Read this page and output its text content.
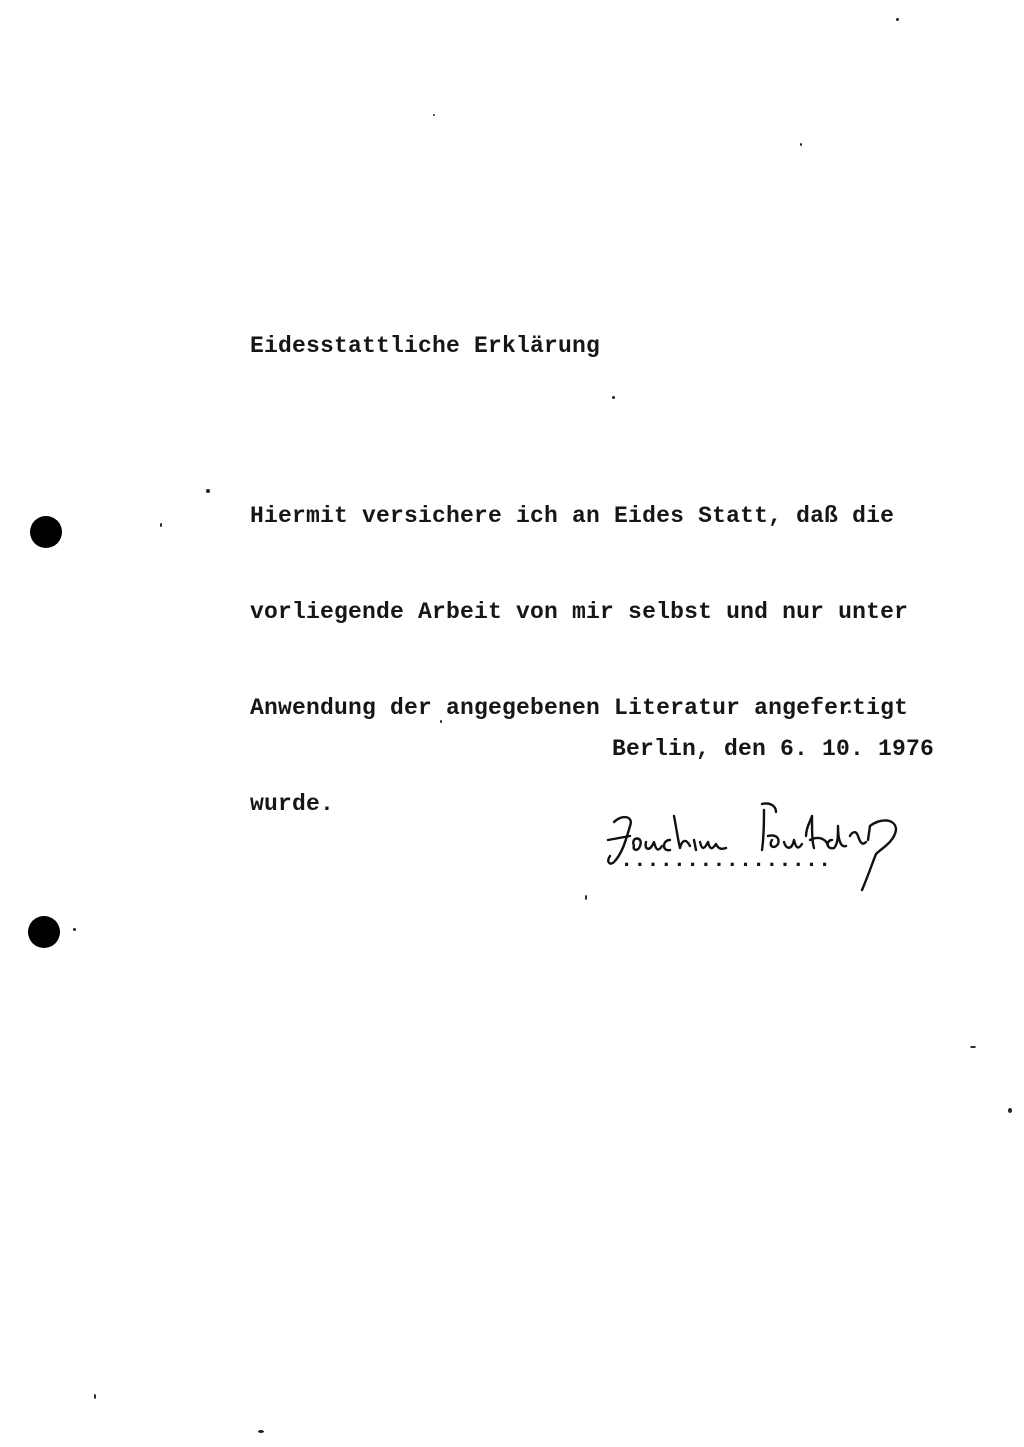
Eidesstattliche Erklärung

Hiermit versichere ich an Eides Statt, daß die

vorliegende Arbeit von mir selbst und nur unter

Anwendung der angegebenen Literatur angefertigt

wurde.

Berlin, den 6. 10. 1976
................
